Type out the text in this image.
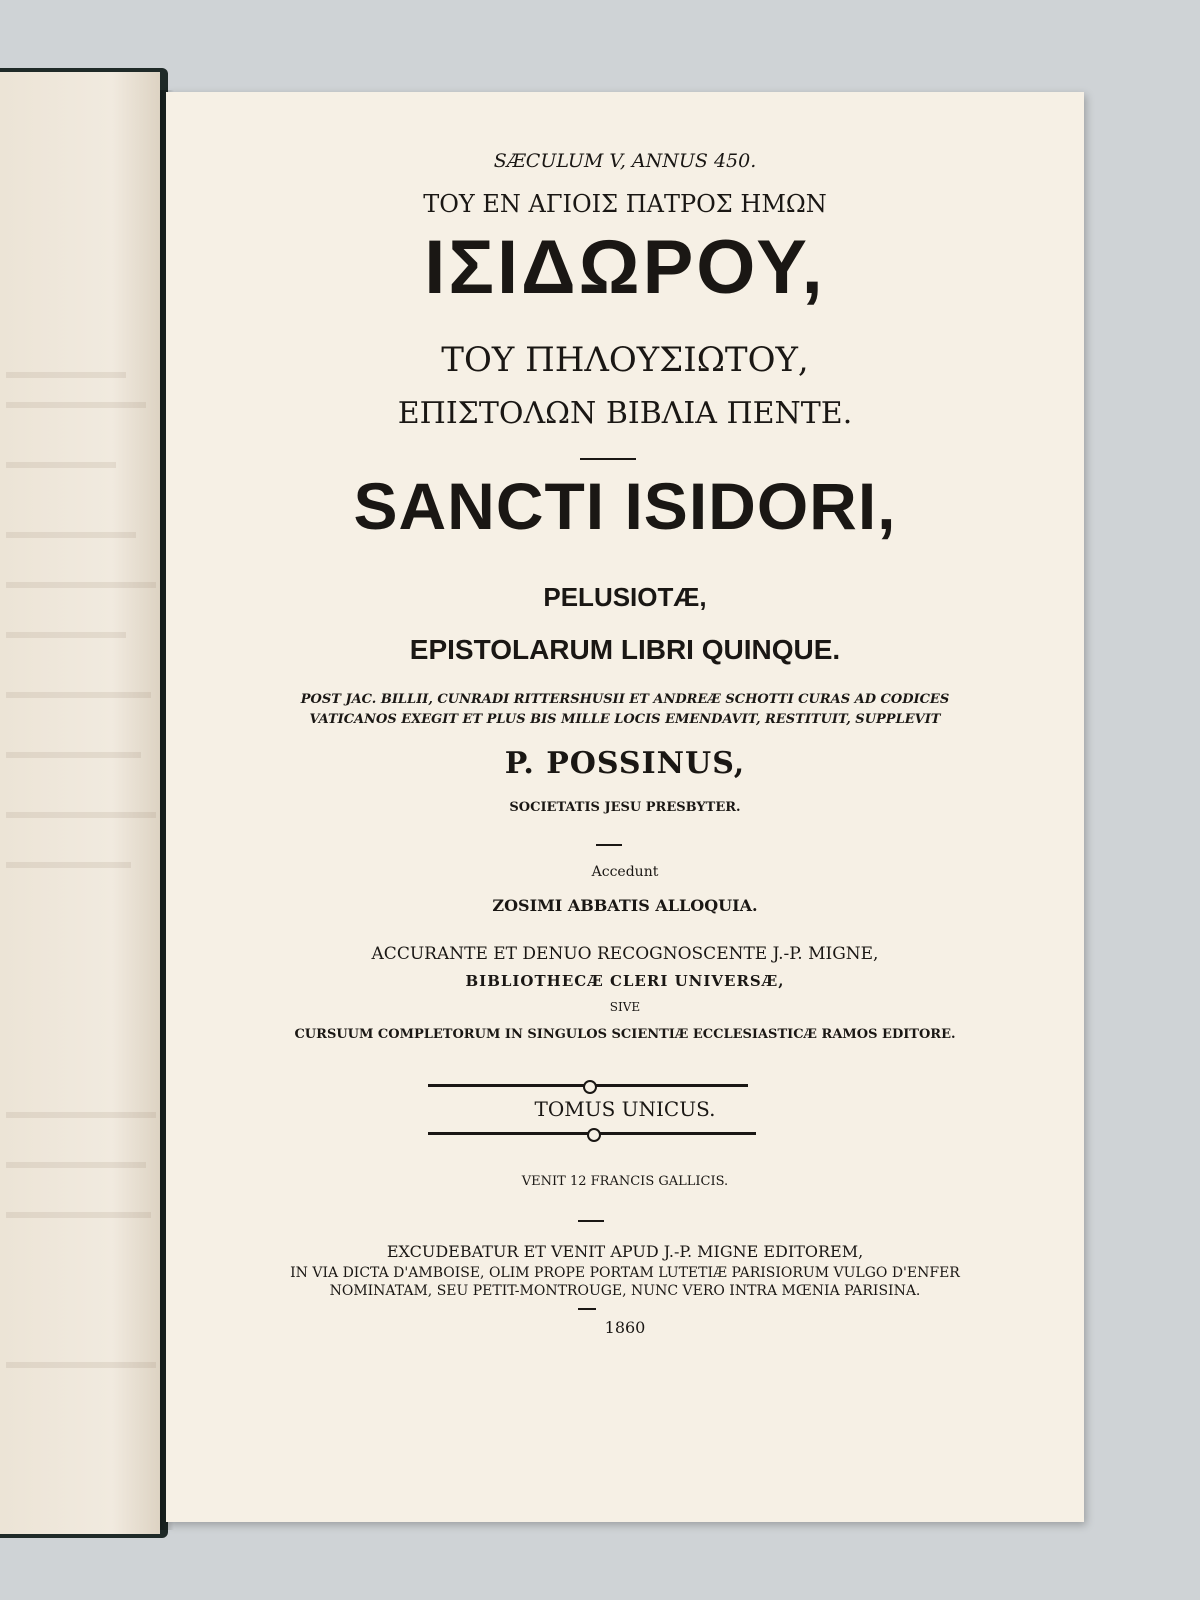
SÆCULUM V, ANNUS 450.
ΤΟΥ ΕΝ ΑΓΙΟΙΣ ΠΑΤΡΟΣ ΗΜΩΝ
ΙΣΙΔΩΡΟΥ,
ΤΟΥ ΠΗΛΟΥΣΙΩΤΟΥ,
ΕΠΙΣΤΟΛΩΝ ΒΙΒΛΙΑ ΠΕΝΤΕ.
SANCTI ISIDORI,
PELUSIOTÆ,
EPISTOLARUM LIBRI QUINQUE.
POST JAC. BILLII, CUNRADI RITTERSHUSII ET ANDREÆ SCHOTTI CURAS AD CODICES
VATICANOS EXEGIT ET PLUS BIS MILLE LOCIS EMENDAVIT, RESTITUIT, SUPPLEVIT
P. POSSINUS,
SOCIETATIS JESU PRESBYTER.
Accedunt
ZOSIMI ABBATIS ALLOQUIA.
ACCURANTE ET DENUO RECOGNOSCENTE J.-P. MIGNE,
BIBLIOTHECÆ CLERI UNIVERSÆ,
SIVE
CURSUUM COMPLETORUM IN SINGULOS SCIENTIÆ ECCLESIASTICÆ RAMOS EDITORE.
TOMUS UNICUS.
VENIT 12 FRANCIS GALLICIS.
EXCUDEBATUR ET VENIT APUD J.-P. MIGNE EDITOREM,
IN VIA DICTA D'AMBOISE, OLIM PROPE PORTAM LUTETIÆ PARISIORUM VULGO D'ENFER
NOMINATAM, SEU PETIT-MONTROUGE, NUNC VERO INTRA MŒNIA PARISINA.
1860
